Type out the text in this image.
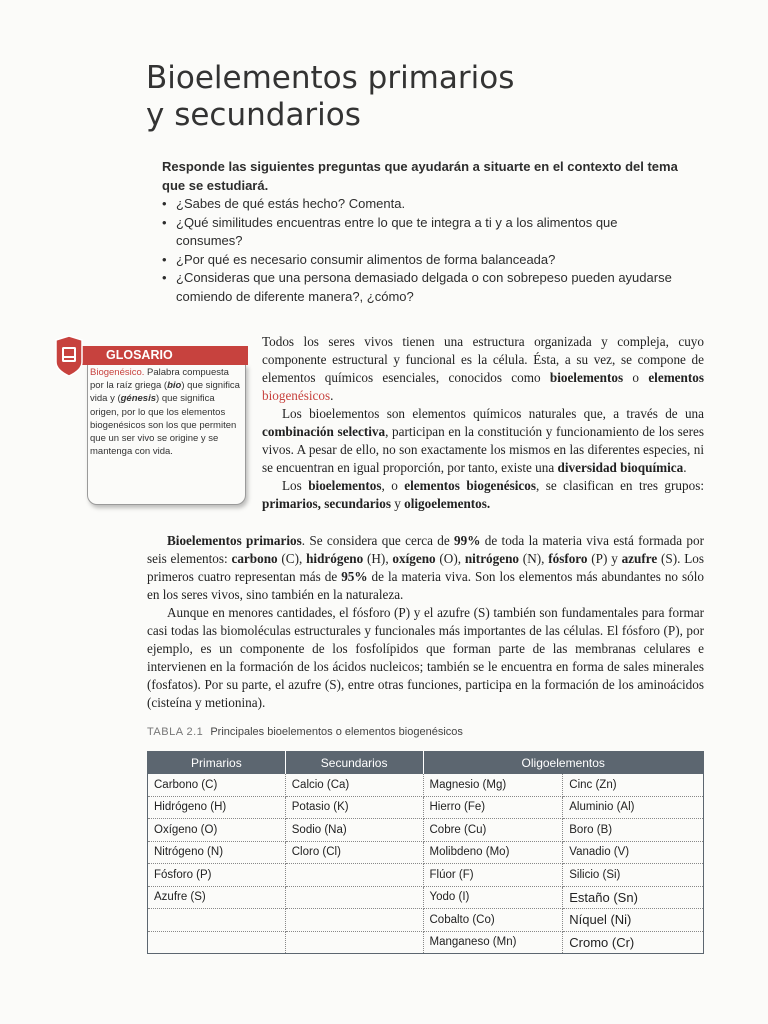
Bioelementos primarios
y secundarios
Responde las siguientes preguntas que ayudarán a situarte en el contexto del tema que se estudiará.
• ¿Sabes de qué estás hecho? Comenta.
• ¿Qué similitudes encuentras entre lo que te integra a ti y a los alimentos que consumes?
• ¿Por qué es necesario consumir alimentos de forma balanceada?
• ¿Consideras que una persona demasiado delgada o con sobrepeso pueden ayudarse comiendo de diferente manera?, ¿cómo?
GLOSARIO
Biogenésico. Palabra compuesta por la raíz griega (bio) que significa vida y (génesis) que significa origen, por lo que los elementos biogenésicos son los que permiten que un ser vivo se origine y se mantenga con vida.

Todos los seres vivos tienen una estructura organizada y compleja, cuyo componente estructural y funcional es la célula. Ésta, a su vez, se compone de elementos químicos esenciales, conocidos como bioelementos o elementos biogenésicos.

Los bioelementos son elementos químicos naturales que, a través de una combinación selectiva, participan en la constitución y funcionamiento de los seres vivos. A pesar de ello, no son exactamente los mismos en las diferentes especies, ni se encuentran en igual proporción, por tanto, existe una diversidad bioquímica.

Los bioelementos, o elementos biogenésicos, se clasifican en tres grupos: primarios, secundarios y oligoelementos.

Bioelementos primarios. Se considera que cerca de 99% de toda la materia viva está formada por seis elementos: carbono (C), hidrógeno (H), oxígeno (O), nitrógeno (N), fósforo (P) y azufre (S). Los primeros cuatro representan más de 95% de la materia viva. Son los elementos más abundantes no sólo en los seres vivos, sino también en la naturaleza.

Aunque en menores cantidades, el fósforo (P) y el azufre (S) también son fundamentales para formar casi todas las biomoléculas estructurales y funcionales más importantes de las células. El fósforo (P), por ejemplo, es un componente de los fosfolípidos que forman parte de las membranas celulares e intervienen en la formación de los ácidos nucleicos; también se le encuentra en forma de sales minerales (fosfatos). Por su parte, el azufre (S), entre otras funciones, participa en la formación de los aminoácidos (cisteína y metionina).

TABLA 2.1 Principales bioelementos o elementos biogenésicos
Primarios	Secundarios	Oligoelementos	
Carbono (C)	Calcio (Ca)	Magnesio (Mg)	Cinc (Zn)
Hidrógeno (H)	Potasio (K)	Hierro (Fe)	Aluminio (Al)
Oxígeno (O)	Sodio (Na)	Cobre (Cu)	Boro (B)
Nitrógeno (N)	Cloro (Cl)	Molibdeno (Mo)	Vanadio (V)
Fósforo (P)		Flúor (F)	Silicio (Si)
Azufre (S)		Yodo (I)	Estaño (Sn)
		Cobalto (Co)	Níquel (Ni)
		Manganeso (Mn)	Cromo (Cr)
